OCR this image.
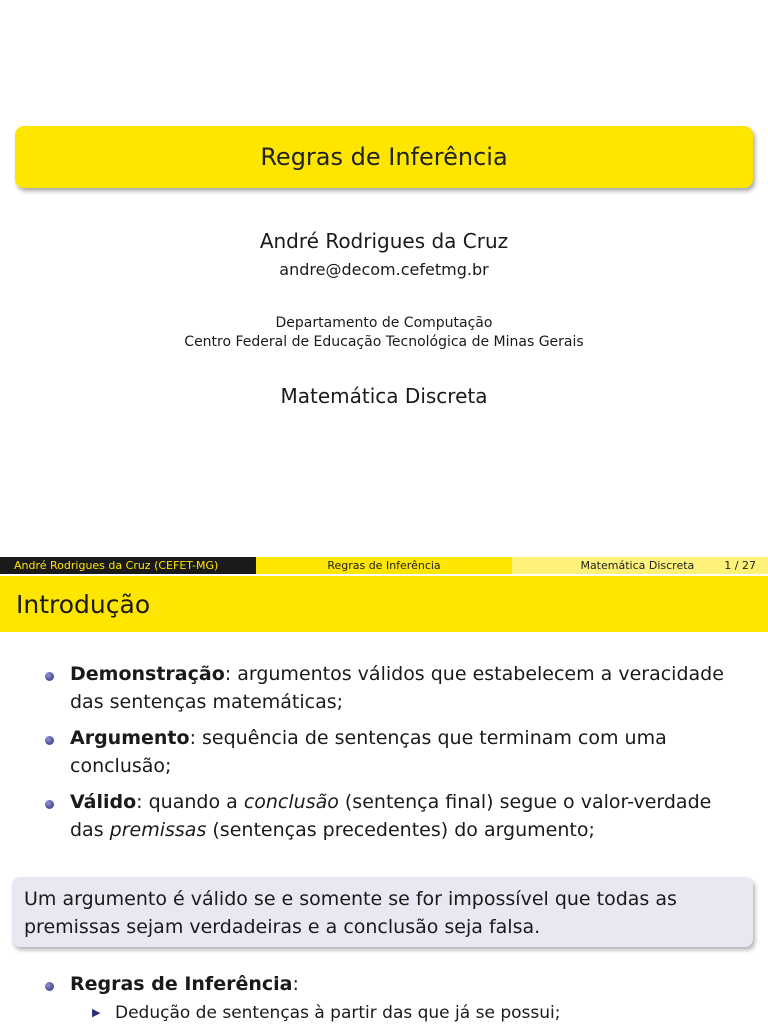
Regras de Inferência
André Rodrigues da Cruz
andre@decom.cefetmg.br
Departamento de Computação
Centro Federal de Educação Tecnológica de Minas Gerais
Matemática Discreta
André Rodrigues da Cruz (CEFET-MG)	Regras de Inferência	Matemática Discreta	1 / 27
Introdução
Demonstração: argumentos válidos que estabelecem a veracidade das sentenças matemáticas;
Argumento: sequência de sentenças que terminam com uma conclusão;
Válido: quando a conclusão (sentença final) segue o valor-verdade das premissas (sentenças precedentes) do argumento;
Um argumento é válido se e somente se for impossível que todas as premissas sejam verdadeiras e a conclusão seja falsa.
Regras de Inferência:
▶ Dedução de sentenças à partir das que já se possui;
